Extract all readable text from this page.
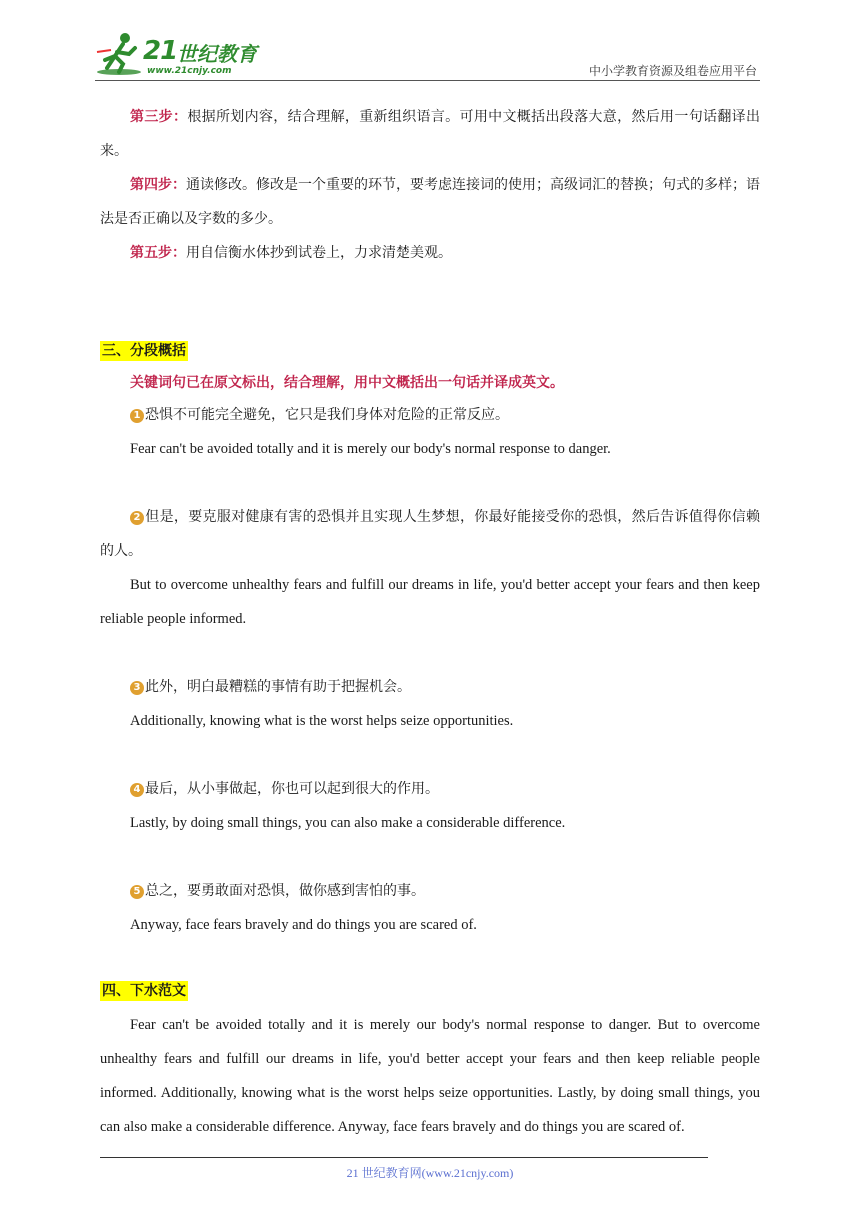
21 世纪教育
www.21cnjy.com	中小学教育资源及组卷应用平台

第三步：根据所划内容，结合理解，重新组织语言。可用中文概括出段落大意，然后用一句话翻译出来。

第四步：通读修改。修改是一个重要的环节，要考虑连接词的使用；高级词汇的替换；句式的多样；语法是否正确以及字数的多少。

第五步：用自信衡水体抄到试卷上，力求清楚美观。

三、分段概括

关键词句已在原文标出，结合理解，用中文概括出一句话并译成英文。

1 恐惧不可能完全避免，它只是我们身体对危险的正常反应。

Fear can't be avoided totally and it is merely our body's normal response to danger.

2 但是，要克服对健康有害的恐惧并且实现人生梦想，你最好能接受你的恐惧，然后告诉值得你信赖的人。

But to overcome unhealthy fears and fulfill our dreams in life, you'd better accept your fears and then keep reliable people informed.

3 此外，明白最糟糕的事情有助于把握机会。

Additionally, knowing what is the worst helps seize opportunities.

4 最后，从小事做起，你也可以起到很大的作用。

Lastly, by doing small things, you can also make a considerable difference.

5 总之，要勇敢面对恐惧，做你感到害怕的事。

Anyway, face fears bravely and do things you are scared of.

四、下水范文

Fear can't be avoided totally and it is merely our body's normal response to danger. But to overcome unhealthy fears and fulfill our dreams in life, you'd better accept your fears and then keep reliable people informed. Additionally, knowing what is the worst helps seize opportunities. Lastly, by doing small things, you can also make a considerable difference. Anyway, face fears bravely and do things you are scared of.

21 世纪教育网(www.21cnjy.com)
